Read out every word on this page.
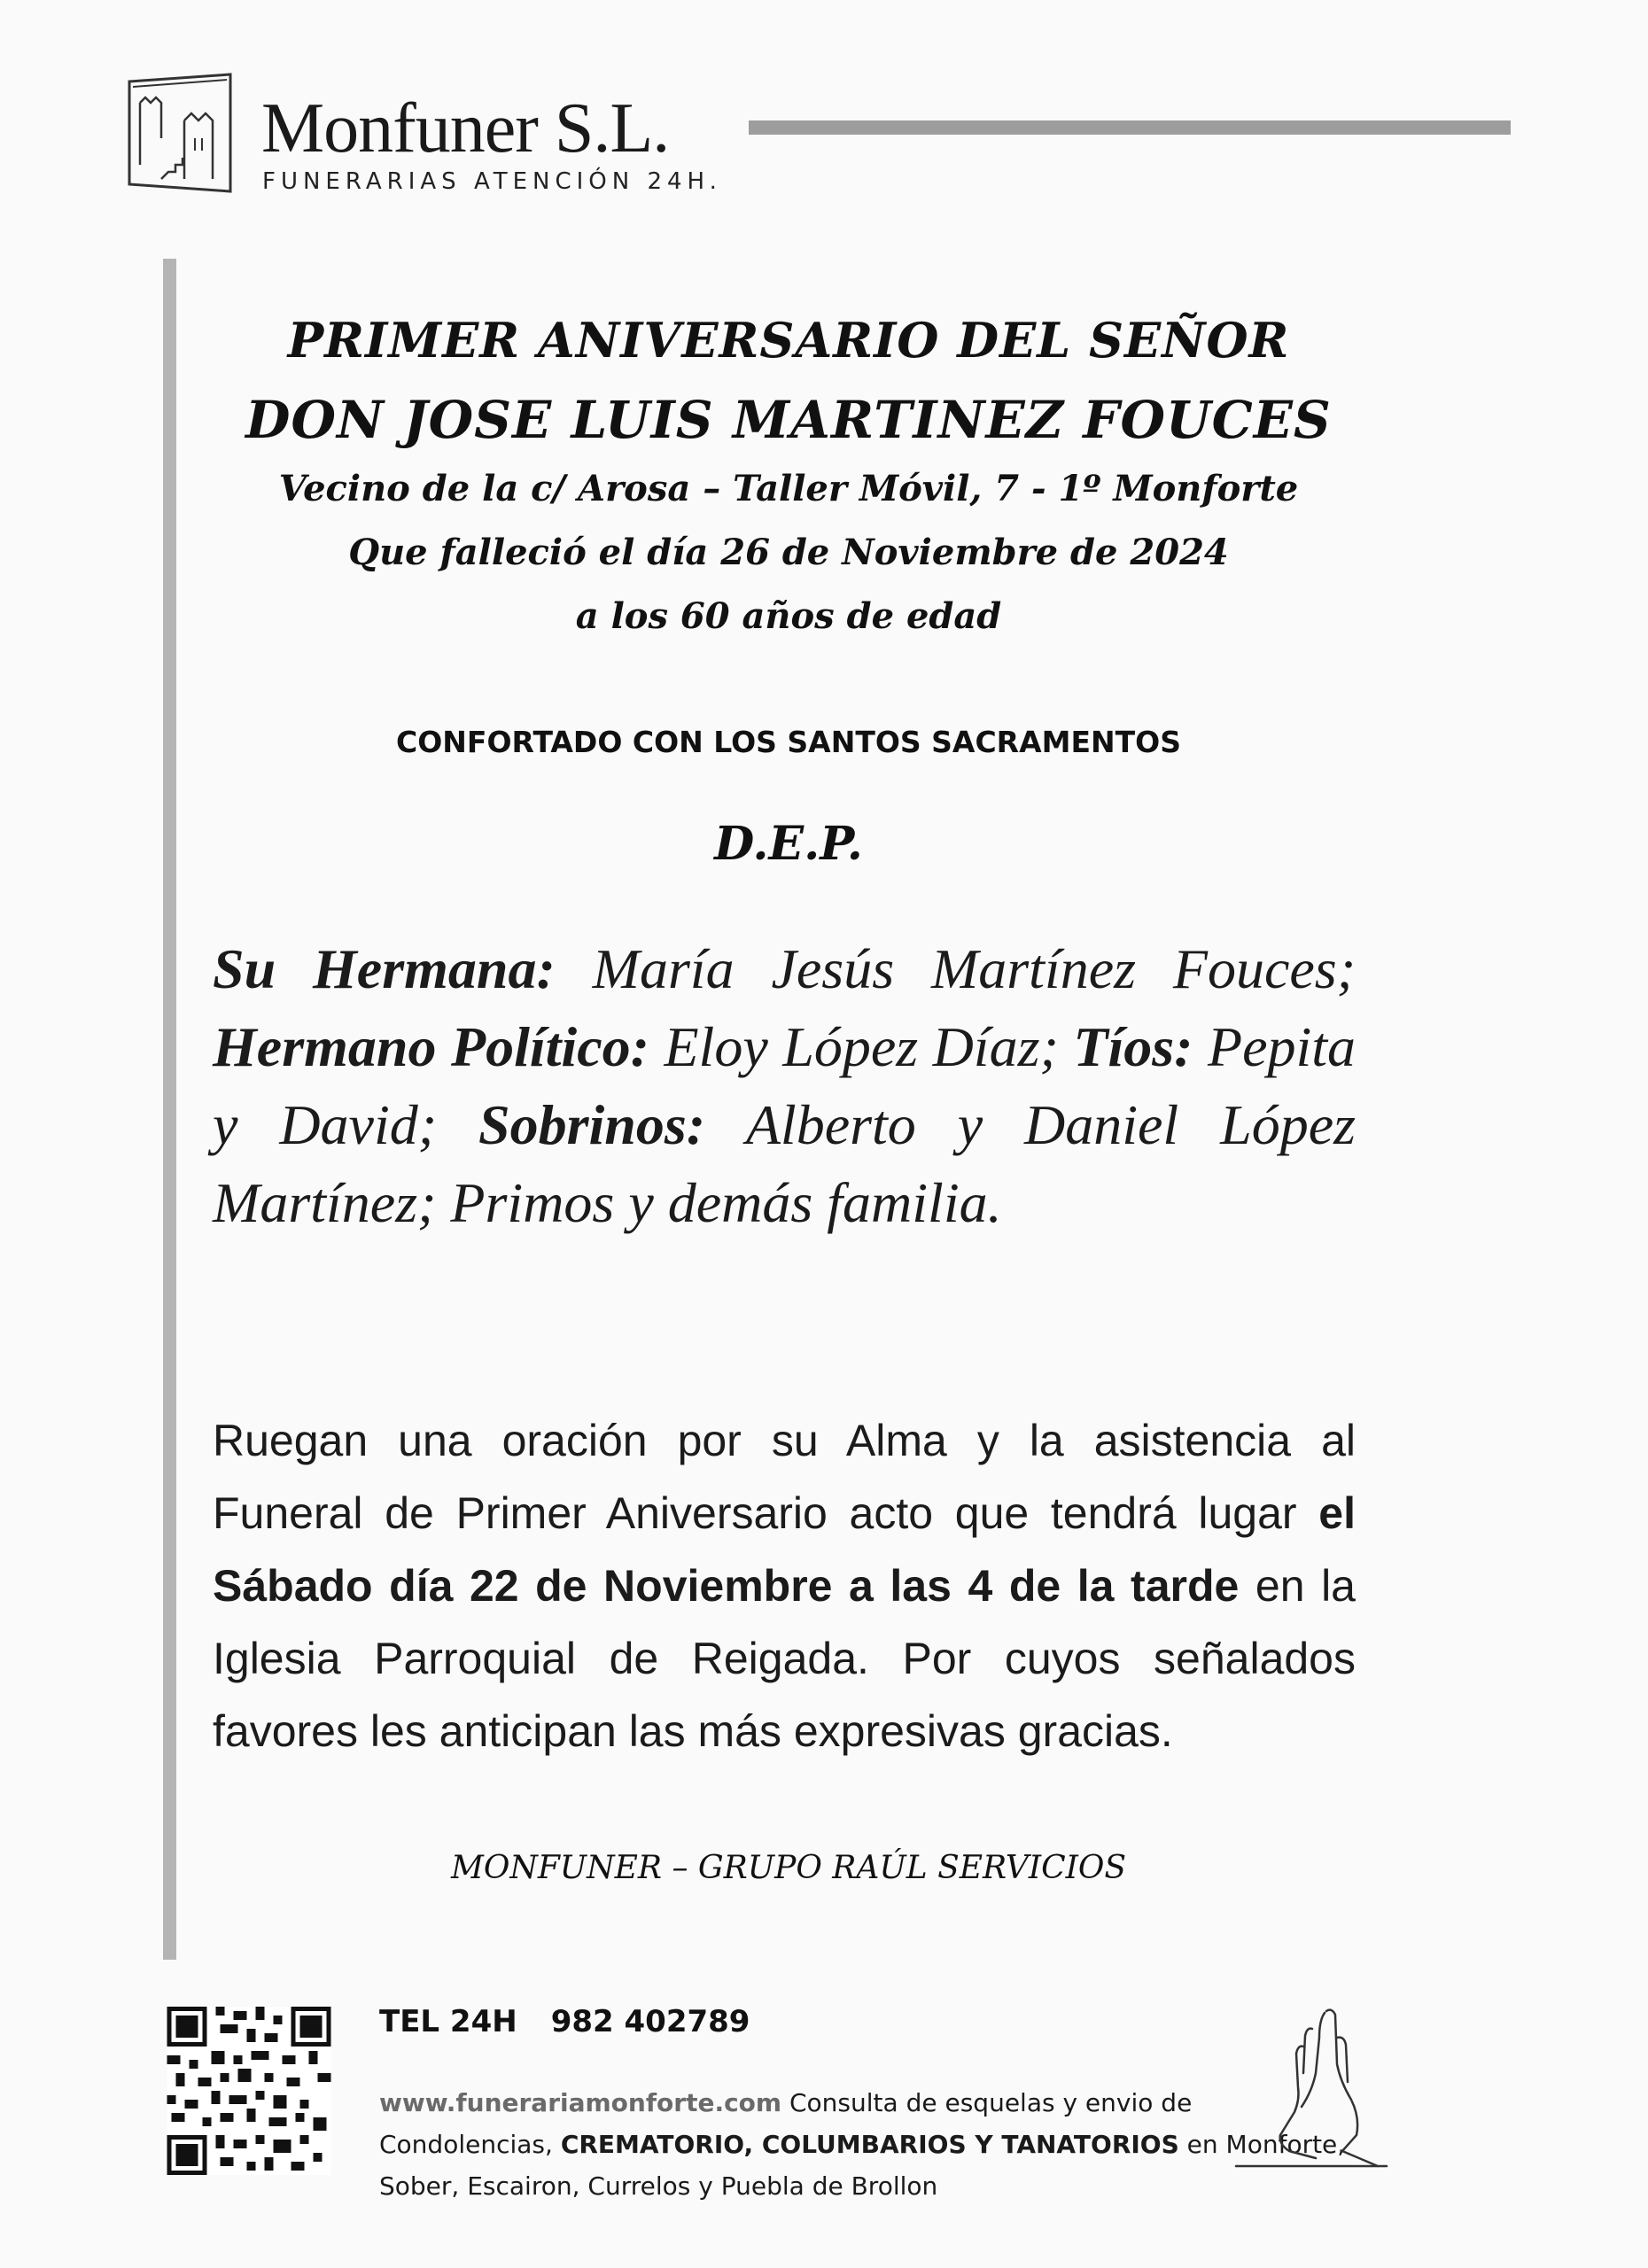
Monfuner S.L.
FUNERARIAS ATENCIÓN 24H.
PRIMER ANIVERSARIO DEL SEÑOR
DON JOSE LUIS MARTINEZ FOUCES
Vecino de la c/ Arosa – Taller Móvil, 7 - 1º Monforte
Que falleció el día 26 de Noviembre de 2024
a los 60 años de edad
CONFORTADO CON LOS SANTOS SACRAMENTOS
D.E.P.
Su Hermana: María Jesús Martínez Fouces; Hermano Político: Eloy López Díaz; Tíos: Pepita y David; Sobrinos: Alberto y Daniel López Martínez; Primos y demás familia.
Ruegan una oración por su Alma y la asistencia al Funeral de Primer Aniversario acto que tendrá lugar el Sábado día 22 de Noviembre a las 4 de la tarde en la Iglesia Parroquial de Reigada. Por cuyos señalados favores les anticipan las más expresivas gracias.
MONFUNER – GRUPO RAÚL SERVICIOS
TEL 24H 982 402789
www.funerariamonforte.com Consulta de esquelas y envio de Condolencias, CREMATORIO, COLUMBARIOS Y TANATORIOS en Monforte, Sober, Escairon, Currelos y Puebla de Brollon
